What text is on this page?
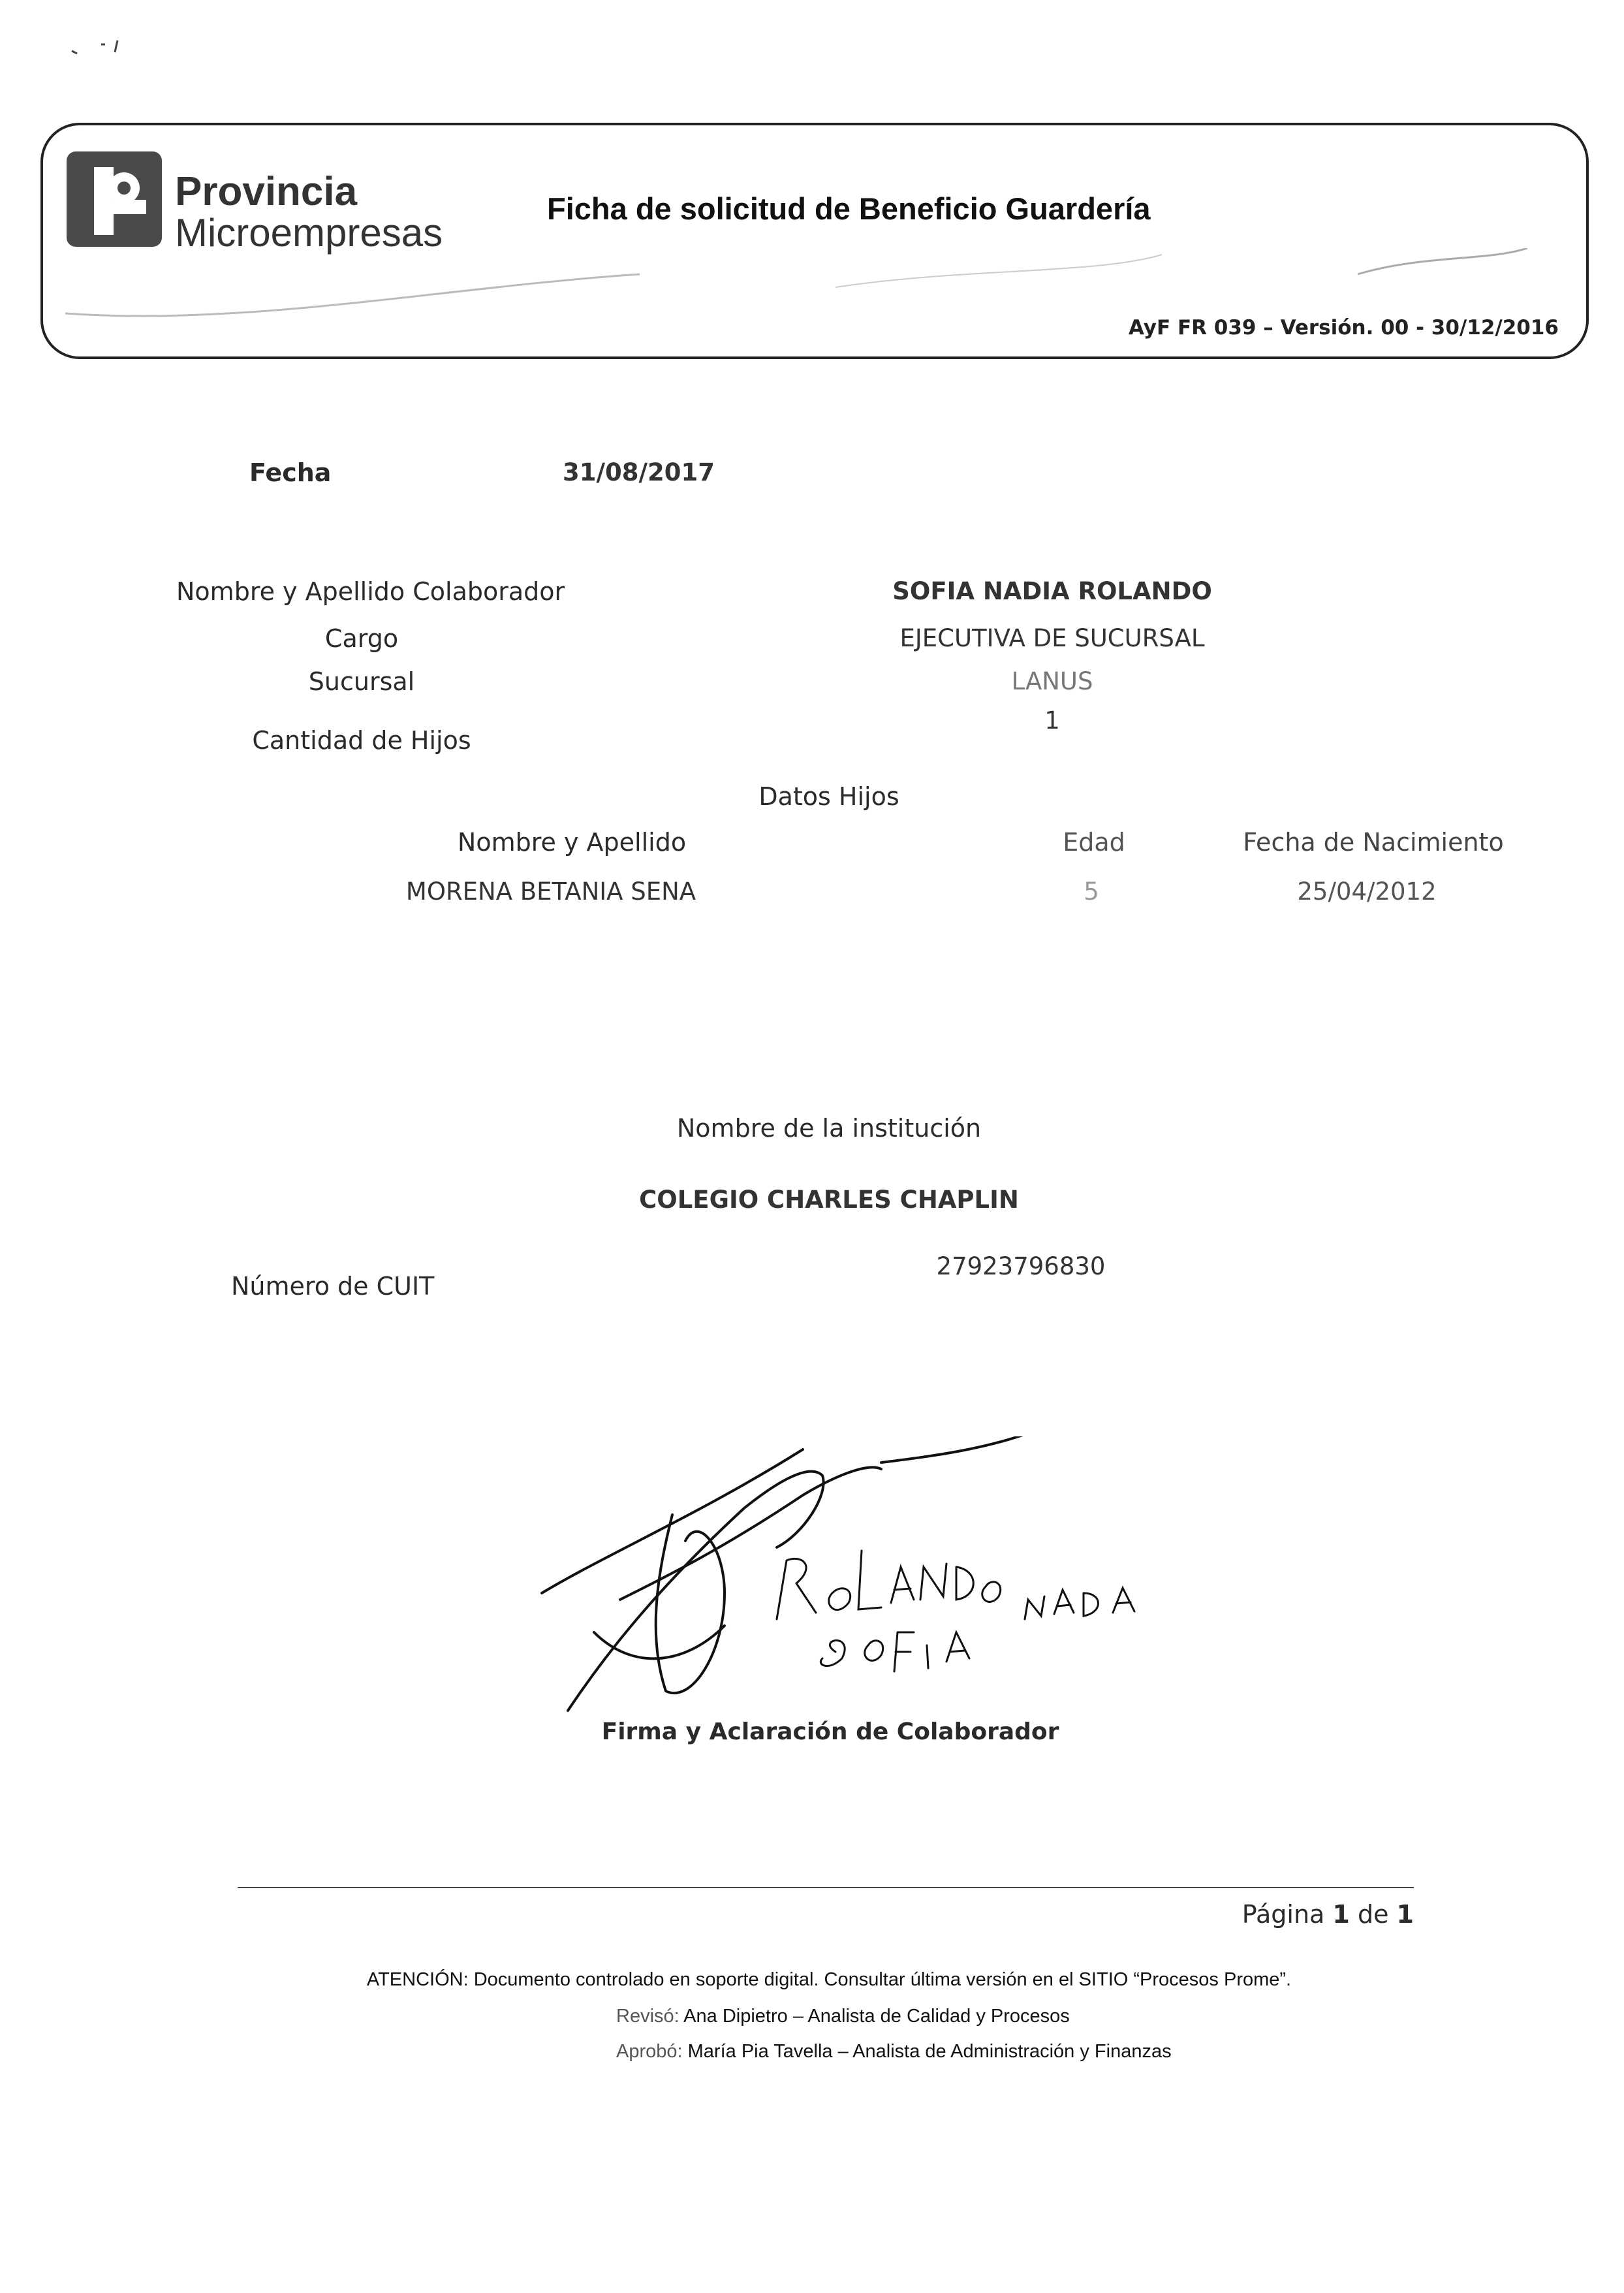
Provincia
Microempresas
Ficha de solicitud de Beneficio Guardería
AyF FR 039 – Versión. 00 - 30/12/2016
Fecha	31/08/2017
Nombre y Apellido Colaborador	SOFIA NADIA ROLANDO
Cargo	EJECUTIVA DE SUCURSAL
Sucursal	LANUS
Cantidad de Hijos
1
Datos Hijos
Nombre y Apellido	Edad	Fecha de Nacimiento
MORENA BETANIA SENA	5	25/04/2012
Nombre de la institución
COLEGIO CHARLES CHAPLIN
Número de CUIT
27923796830
Firma y Aclaración de Colaborador
Página 1 de 1
ATENCIÓN: Documento controlado en soporte digital. Consultar última versión en el SITIO “Procesos Prome”.
Revisó: Ana Dipietro – Analista de Calidad y Procesos
Aprobó: María Pia Tavella – Analista de Administración y Finanzas
